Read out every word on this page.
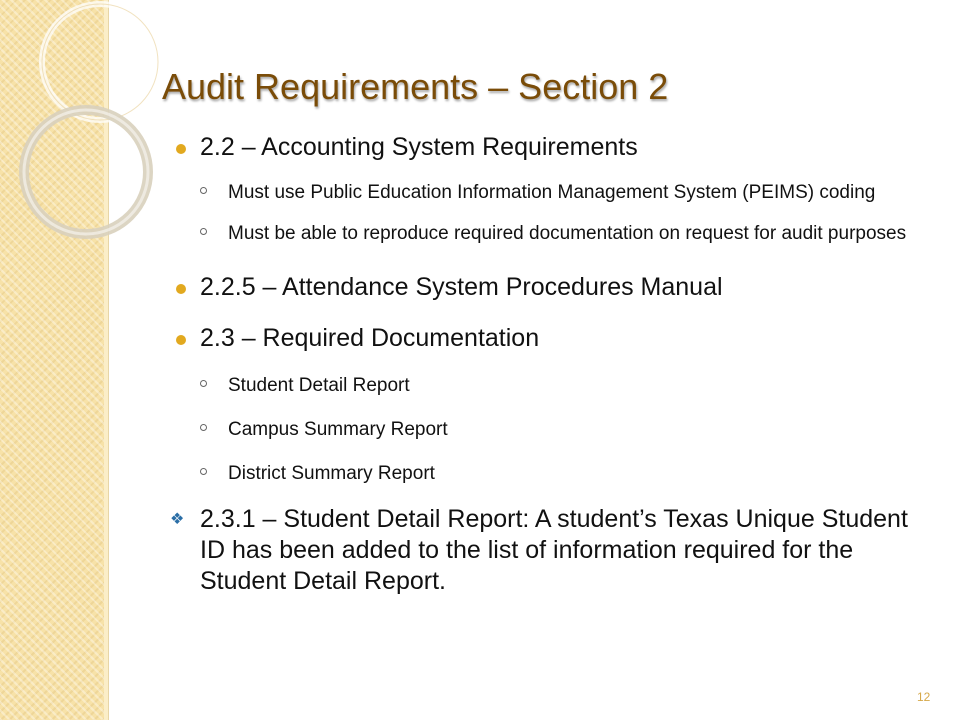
Audit Requirements – Section 2
2.2 – Accounting System Requirements
Must use Public Education Information Management System (PEIMS) coding
Must be able to reproduce required documentation on request for audit purposes
2.2.5 – Attendance System Procedures Manual
2.3 – Required Documentation
Student Detail Report
Campus Summary Report
District Summary Report
❖ 2.3.1 – Student Detail Report: A student’s Texas Unique Student ID has been added to the list of information required for the Student Detail Report.
12
